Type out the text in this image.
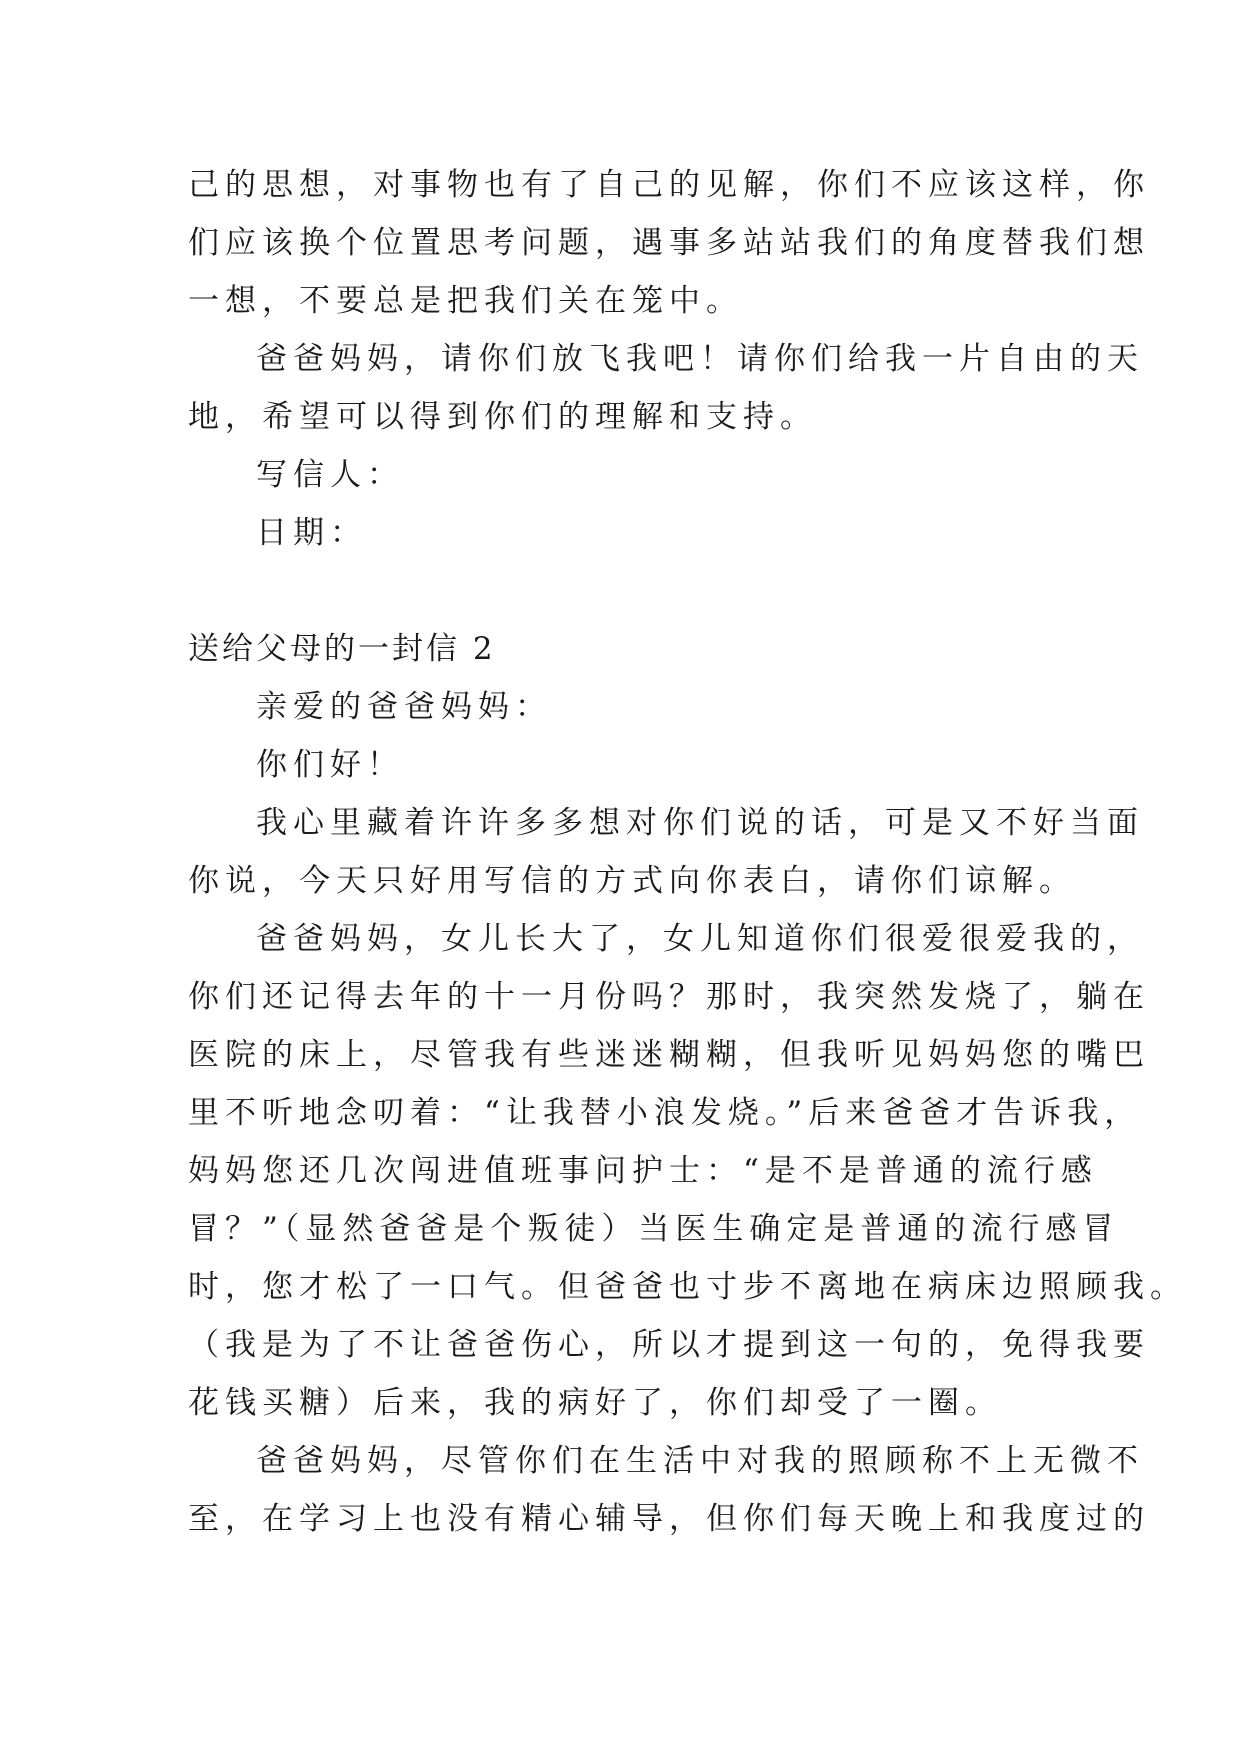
己的思想，对事物也有了自己的见解，你们不应该这样，你
们应该换个位置思考问题，遇事多站站我们的角度替我们想
一想，不要总是把我们关在笼中。
爸爸妈妈，请你们放飞我吧！请你们给我一片自由的天
地，希望可以得到你们的理解和支持。
写信人：
日期：
送给父母的一封信 2
亲爱的爸爸妈妈：
你们好！
我心里藏着许许多多想对你们说的话，可是又不好当面
你说，今天只好用写信的方式向你表白，请你们谅解。
爸爸妈妈，女儿长大了，女儿知道你们很爱很爱我的，
你们还记得去年的十一月份吗？那时，我突然发烧了，躺在
医院的床上，尽管我有些迷迷糊糊，但我听见妈妈您的嘴巴
里不听地念叨着：“让我替小浪发烧。”后来爸爸才告诉我，
妈妈您还几次闯进值班事问护士：“是不是普通的流行感
冒？”（显然爸爸是个叛徒）当医生确定是普通的流行感冒
时，您才松了一口气。但爸爸也寸步不离地在病床边照顾我。
（我是为了不让爸爸伤心，所以才提到这一句的，免得我要
花钱买糖）后来，我的病好了，你们却受了一圈。
爸爸妈妈，尽管你们在生活中对我的照顾称不上无微不
至，在学习上也没有精心辅导，但你们每天晚上和我度过的
